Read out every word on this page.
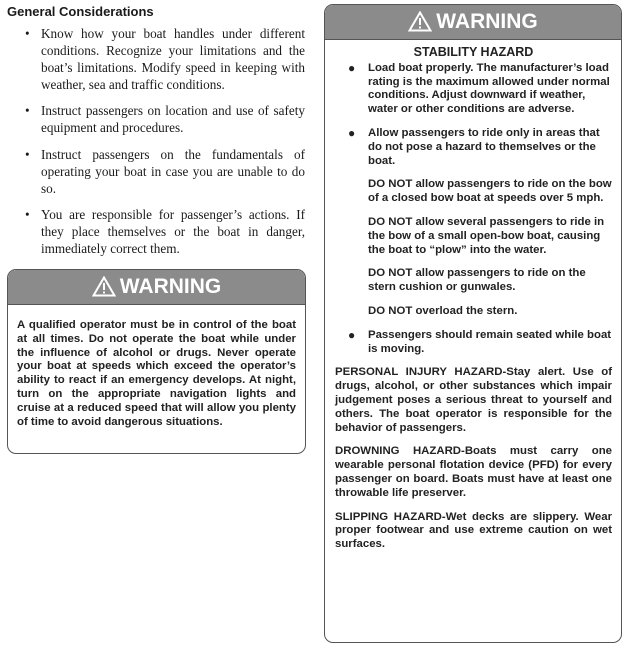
General Considerations
• Know how your boat handles under different conditions. Recognize your limitations and the boat’s limitations. Modify speed in keeping with weather, sea and traffic conditions.
• Instruct passengers on location and use of safety equipment and procedures.
• Instruct passengers on the fundamentals of operating your boat in case you are unable to do so.
• You are responsible for passenger’s actions. If they place themselves or the boat in danger, immediately correct them.
WARNING
A qualified operator must be in control of the boat at all times. Do not operate the boat while under the influence of alcohol or drugs. Never operate your boat at speeds which exceed the operator’s ability to react if an emergency develops. At night, turn on the appropriate navigation lights and cruise at a reduced speed that will allow you plenty of time to avoid dangerous situations.
WARNING
STABILITY HAZARD
● Load boat properly. The manufacturer’s load rating is the maximum allowed under normal conditions. Adjust downward if weather, water or other conditions are adverse.
● Allow passengers to ride only in areas that do not pose a hazard to themselves or the boat.
DO NOT allow passengers to ride on the bow of a closed bow boat at speeds over 5 mph.
DO NOT allow several passengers to ride in the bow of a small open-bow boat, causing the boat to “plow” into the water.
DO NOT allow passengers to ride on the stern cushion or gunwales.
DO NOT overload the stern.
● Passengers should remain seated while boat is moving.
PERSONAL INJURY HAZARD-Stay alert. Use of drugs, alcohol, or other substances which impair judgement poses a serious threat to yourself and others. The boat operator is responsible for the behavior of passengers.
DROWNING HAZARD-Boats must carry one wearable personal flotation device (PFD) for every passenger on board. Boats must have at least one throwable life preserver.
SLIPPING HAZARD-Wet decks are slippery. Wear proper footwear and use extreme caution on wet surfaces.
